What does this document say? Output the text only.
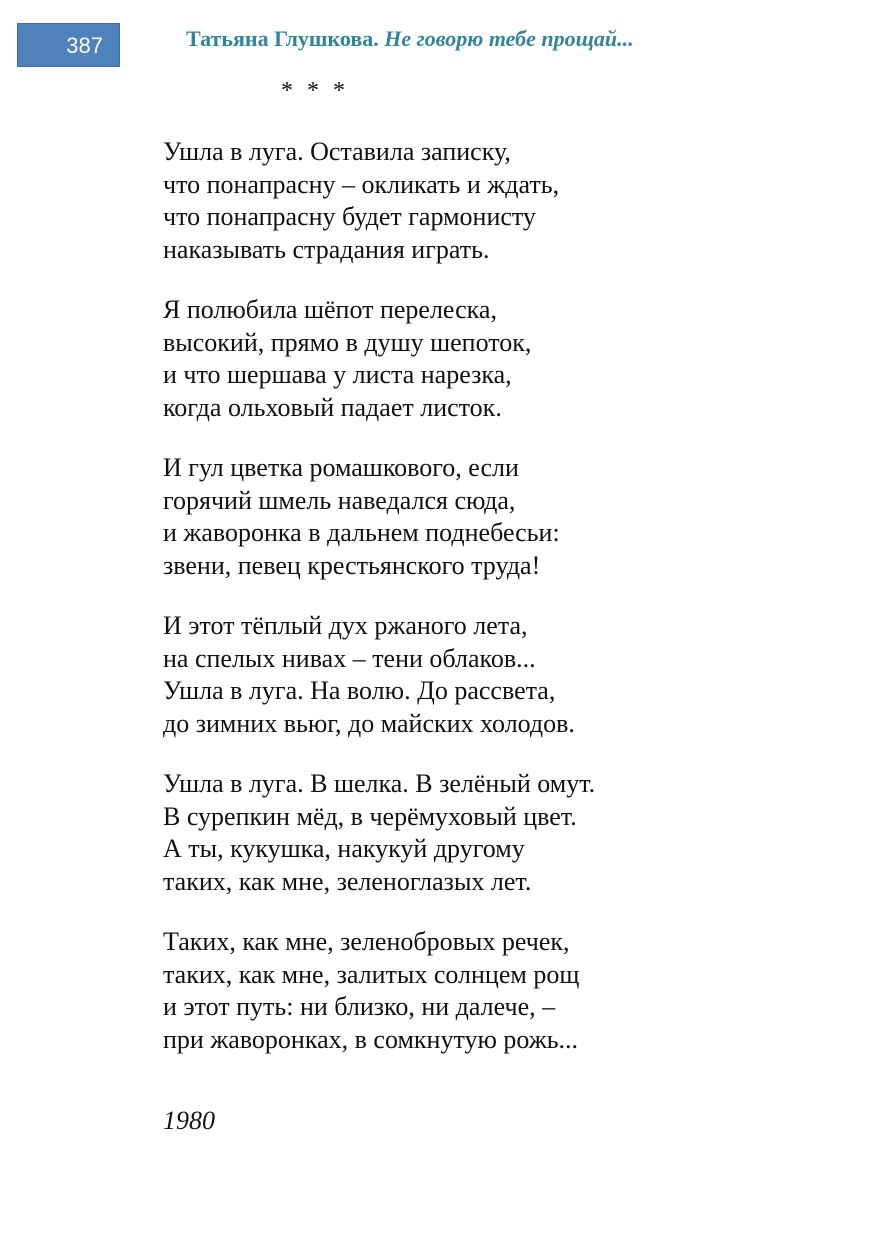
387	Татьяна Глушкова. Не говорю тебе прощай...
* * *
Ушла в луга. Оставила записку,
что понапрасну – окликать и ждать,
что понапрасну будет гармонисту
наказывать страдания играть.
Я полюбила шёпот перелеска,
высокий, прямо в душу шепоток,
и что шершава у листа нарезка,
когда ольховый падает листок.
И гул цветка ромашкового, если
горячий шмель наведался сюда,
и жаворонка в дальнем поднебесьи:
звени, певец крестьянского труда!
И этот тёплый дух ржаного лета,
на спелых нивах – тени облаков...
Ушла в луга. На волю. До рассвета,
до зимних вьюг, до майских холодов.
Ушла в луга. В шелка. В зелёный омут.
В сурепкин мёд, в черёмуховый цвет.
А ты, кукушка, накукуй другому
таких, как мне, зеленоглазых лет.
Таких, как мне, зеленобровых речек,
таких, как мне, залитых солнцем рощ
и этот путь: ни близко, ни далече, –
при жаворонках, в сомкнутую рожь...
1980
